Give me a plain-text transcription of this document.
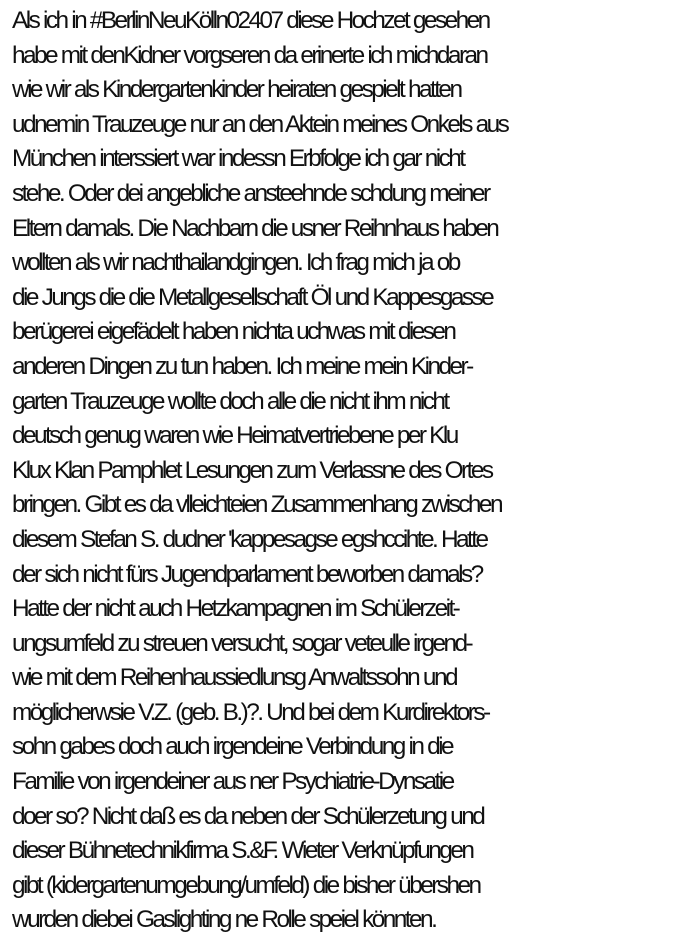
Als ich in #BerlinNeuKölln02407 diese Hochzet gesehen
habe mit denKidner vorgseren da erinerte ich michdaran
wie wir als Kindergartenkinder heiraten gespielt hatten
udnemin Trauzeuge nur an den Aktein meines Onkels aus
München interssiert war indessn Erbfolge ich gar nicht
stehe. Oder dei angebliche ansteehnde schdung meiner
Eltern damals. Die Nachbarn die usner Reihnhaus haben
wollten als wir nachthailandgingen. Ich frag mich ja ob
die Jungs die die Metallgesellschaft Öl und Kappesgasse
berügerei eigefädelt haben nichta uchwas mit diesen
anderen Dingen zu tun haben. Ich meine mein Kinder-
garten Trauzeuge wollte doch alle die nicht ihm nicht
deutsch genug waren wie Heimatvertriebene per Klu
Klux Klan Pamphlet Lesungen zum Verlassne des Ortes
bringen. Gibt es da vlleichteien Zusammenhang zwischen
diesem Stefan S. dudner 'kappesagse egshccihte. Hatte
der sich nicht fürs Jugendparlament beworben damals?
Hatte der nicht auch Hetzkampagnen im Schülerzeit-
ungsumfeld zu streuen versucht, sogar veteulle irgend-
wie mit dem Reihenhaussiedlunsg Anwaltssohn und
möglicherwsie V.Z. (geb. B.)?. Und bei dem Kurdirektors-
sohn gabes doch auch irgendeine Verbindung in die
Familie von irgendeiner aus ner Psychiatrie-Dynsatie
doer so? Nicht daß es da neben der Schülerzetung und
dieser Bühnetechnikfirma S.&F. Wieter Verknüpfungen
gibt (kidergartenumgebung/umfeld) die bisher übershen
wurden diebei Gaslighting ne Rolle speiel könnten.
